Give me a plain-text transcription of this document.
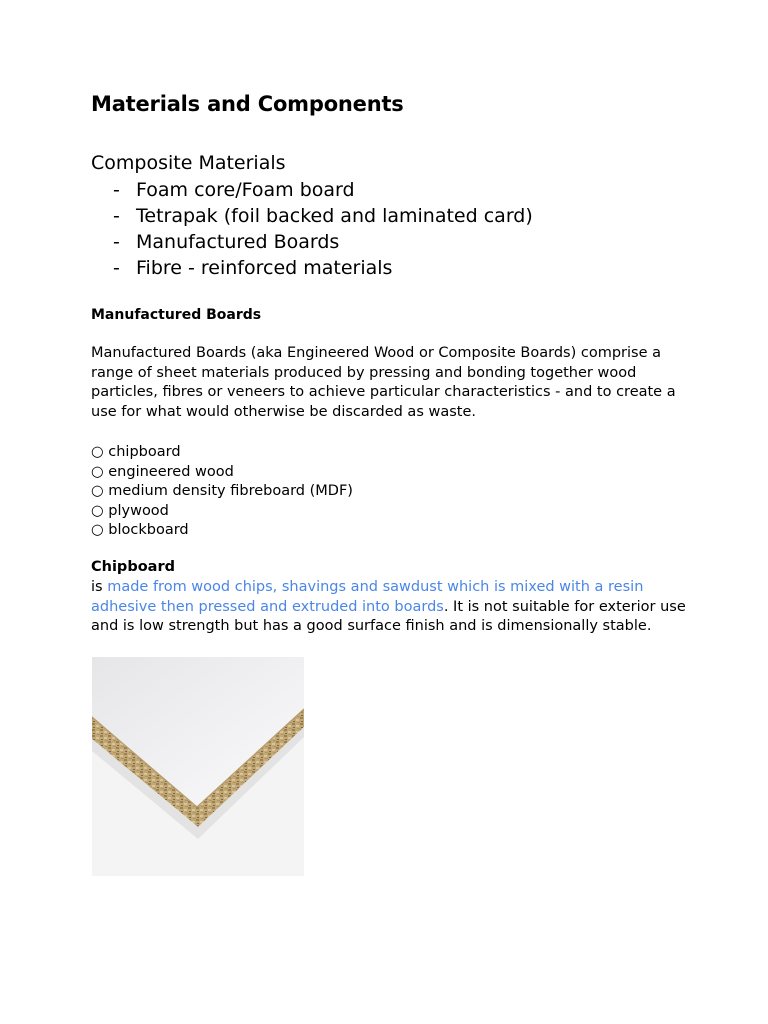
Materials and Components
Composite Materials
- Foam core/Foam board
- Tetrapak (foil backed and laminated card)
- Manufactured Boards
- Fibre - reinforced materials
Manufactured Boards

Manufactured Boards (aka Engineered Wood or Composite Boards) comprise a range of sheet materials produced by pressing and bonding together wood particles, fibres or veneers to achieve particular characteristics - and to create a use for what would otherwise be discarded as waste.

○ chipboard
○ engineered wood
○ medium density fibreboard (MDF)
○ plywood
○ blockboard
Chipboard

is made from wood chips, shavings and sawdust which is mixed with a resin adhesive then pressed and extruded into boards. It is not suitable for exterior use and is low strength but has a good surface finish and is dimensionally stable.
